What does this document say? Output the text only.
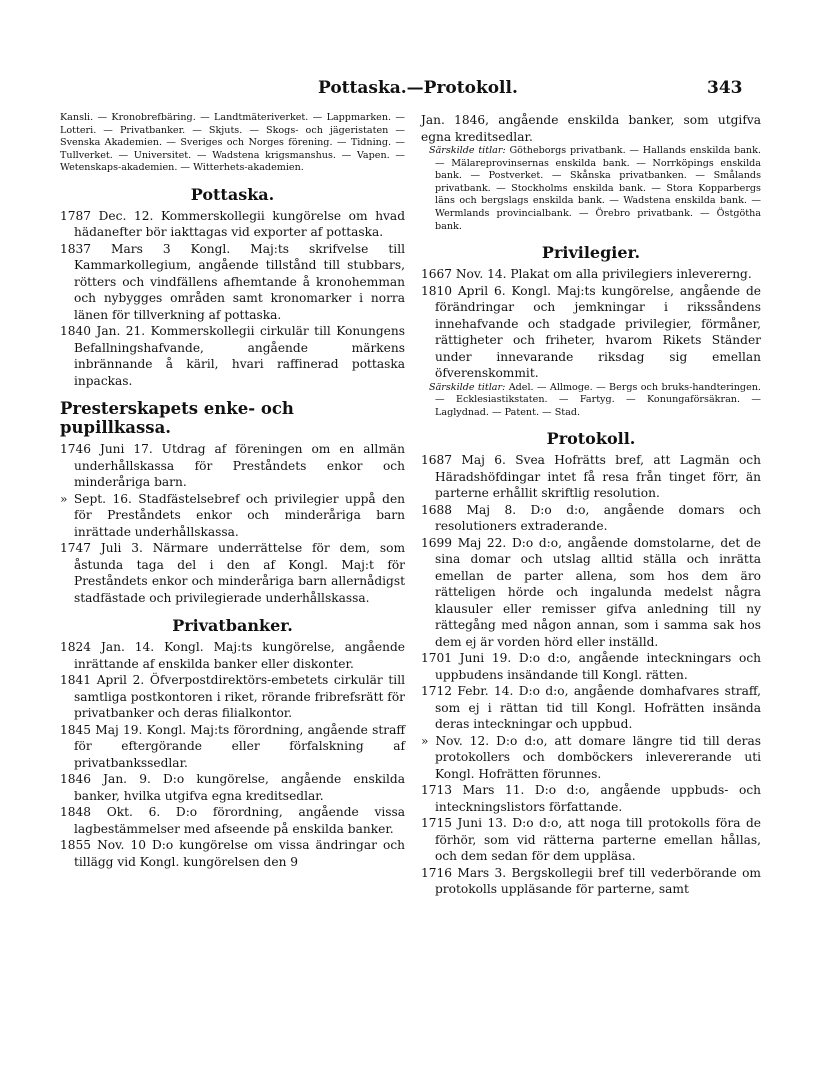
Pottaska.—Protokoll.	343

Kansli. — Kronobrefbäring. — Landtmäteriverket. — Lappmarken. — Lotteri. — Privatbanker. — Skjuts. — Skogs- och jägeristaten — Svenska Akademien. — Sveriges och Norges förening. — Tidning. — Tullverket. — Universitet. — Wadstena krigsmanshus. — Vapen. — Wetenskaps-akademien. — Witterhets-akademien.

Pottaska.

1787 Dec. 12. Kommerskollegii kungörelse om hvad hädanefter bör iakttagas vid exporter af pottaska.

1837 Mars 3 Kongl. Maj:ts skrifvelse till Kammarkollegium, angående tillstånd till stubbars, rötters och vindfällens afhemtande å kronohemman och nybygges områden samt kronomarker i norra länen för tillverkning af pottaska.

1840 Jan. 21. Kommerskollegii cirkulär till Konungens Befallningshafvande, angående märkens inbrännande å käril, hvari raffinerad pottaska inpackas.

Presterskapets enke- och pupillkassa.

1746 Juni 17. Utdrag af föreningen om en allmän underhållskassa för Preståndets enkor och minderåriga barn.

» Sept. 16. Stadfästelsebref och privilegier uppå den för Preståndets enkor och minderåriga barn inrättade underhållskassa.

1747 Juli 3. Närmare underrättelse för dem, som åstunda taga del i den af Kongl. Maj:t för Preståndets enkor och minderåriga barn allernådigst stadfästade och privilegierade underhållskassa.

Privatbanker.

1824 Jan. 14. Kongl. Maj:ts kungörelse, angående inrättande af enskilda banker eller diskonter.

1841 April 2. Öfverpostdirektörs-embetets cirkulär till samtliga postkontoren i riket, rörande fribrefsrätt för privatbanker och deras filialkontor.

1845 Maj 19. Kongl. Maj:ts förordning, angående straff för eftergörande eller förfalskning af privatbankssedlar.

1846 Jan. 9. D:o kungörelse, angående enskilda banker, hvilka utgifva egna kreditsedlar.

1848 Okt. 6. D:o förordning, angående vissa lagbestämmelser med afseende på enskilda banker.

1855 Nov. 10 D:o kungörelse om vissa ändringar och tillägg vid Kongl. kungörelsen den 9

Jan. 1846, angående enskilda banker, som utgifva egna kreditsedlar.

Särskilde titlar: Götheborgs privatbank. — Hallands enskilda bank. — Mälareprovinsernas enskilda bank. — Norrköpings enskilda bank. — Postverket. — Skånska privatbanken. — Smålands privatbank. — Stockholms enskilda bank. — Stora Kopparbergs läns och bergslags enskilda bank. — Wadstena enskilda bank. — Wermlands provincialbank. — Örebro privatbank. — Östgötha bank.

Privilegier.

1667 Nov. 14. Plakat om alla privilegiers inlevererng.

1810 April 6. Kongl. Maj:ts kungörelse, angående de förändringar och jemkningar i rikssåndens innehafvande och stadgade privilegier, förmåner, rättigheter och friheter, hvarom Rikets Ständer under innevarande riksdag sig emellan öfverenskommit.

Särskilde titlar: Adel. — Allmoge. — Bergs och bruks-handteringen. — Ecklesiastikstaten. — Fartyg. — Konungaförsäkran. — Laglydnad. — Patent. — Stad.

Protokoll.

1687 Maj 6. Svea Hofrätts bref, att Lagmän och Häradshöfdingar intet få resa från tinget förr, än parterne erhållit skriftlig resolution.

1688 Maj 8. D:o d:o, angående domars och resolutioners extraderande.

1699 Maj 22. D:o d:o, angående domstolarne, det de sina domar och utslag alltid ställa och inrätta emellan de parter allena, som hos dem äro rätteligen hörde och ingalunda medelst några klausuler eller remisser gifva anledning till ny rättegång med någon annan, som i samma sak hos dem ej är vorden hörd eller inställd.

1701 Juni 19. D:o d:o, angående inteckningars och uppbudens insändande till Kongl. rätten.

1712 Febr. 14. D:o d:o, angående domhafvares straff, som ej i rättan tid till Kongl. Hofrätten insända deras inteckningar och uppbud.

» Nov. 12. D:o d:o, att domare längre tid till deras protokollers och domböckers inlevererande uti Kongl. Hofrätten förunnes.

1713 Mars 11. D:o d:o, angående uppbuds- och inteckningslistors författande.

1715 Juni 13. D:o d:o, att noga till protokolls föra de förhör, som vid rätterna parterne emellan hållas, och dem sedan för dem uppläsa.

1716 Mars 3. Bergskollegii bref till vederbörande om protokolls uppläsande för parterne, samt
